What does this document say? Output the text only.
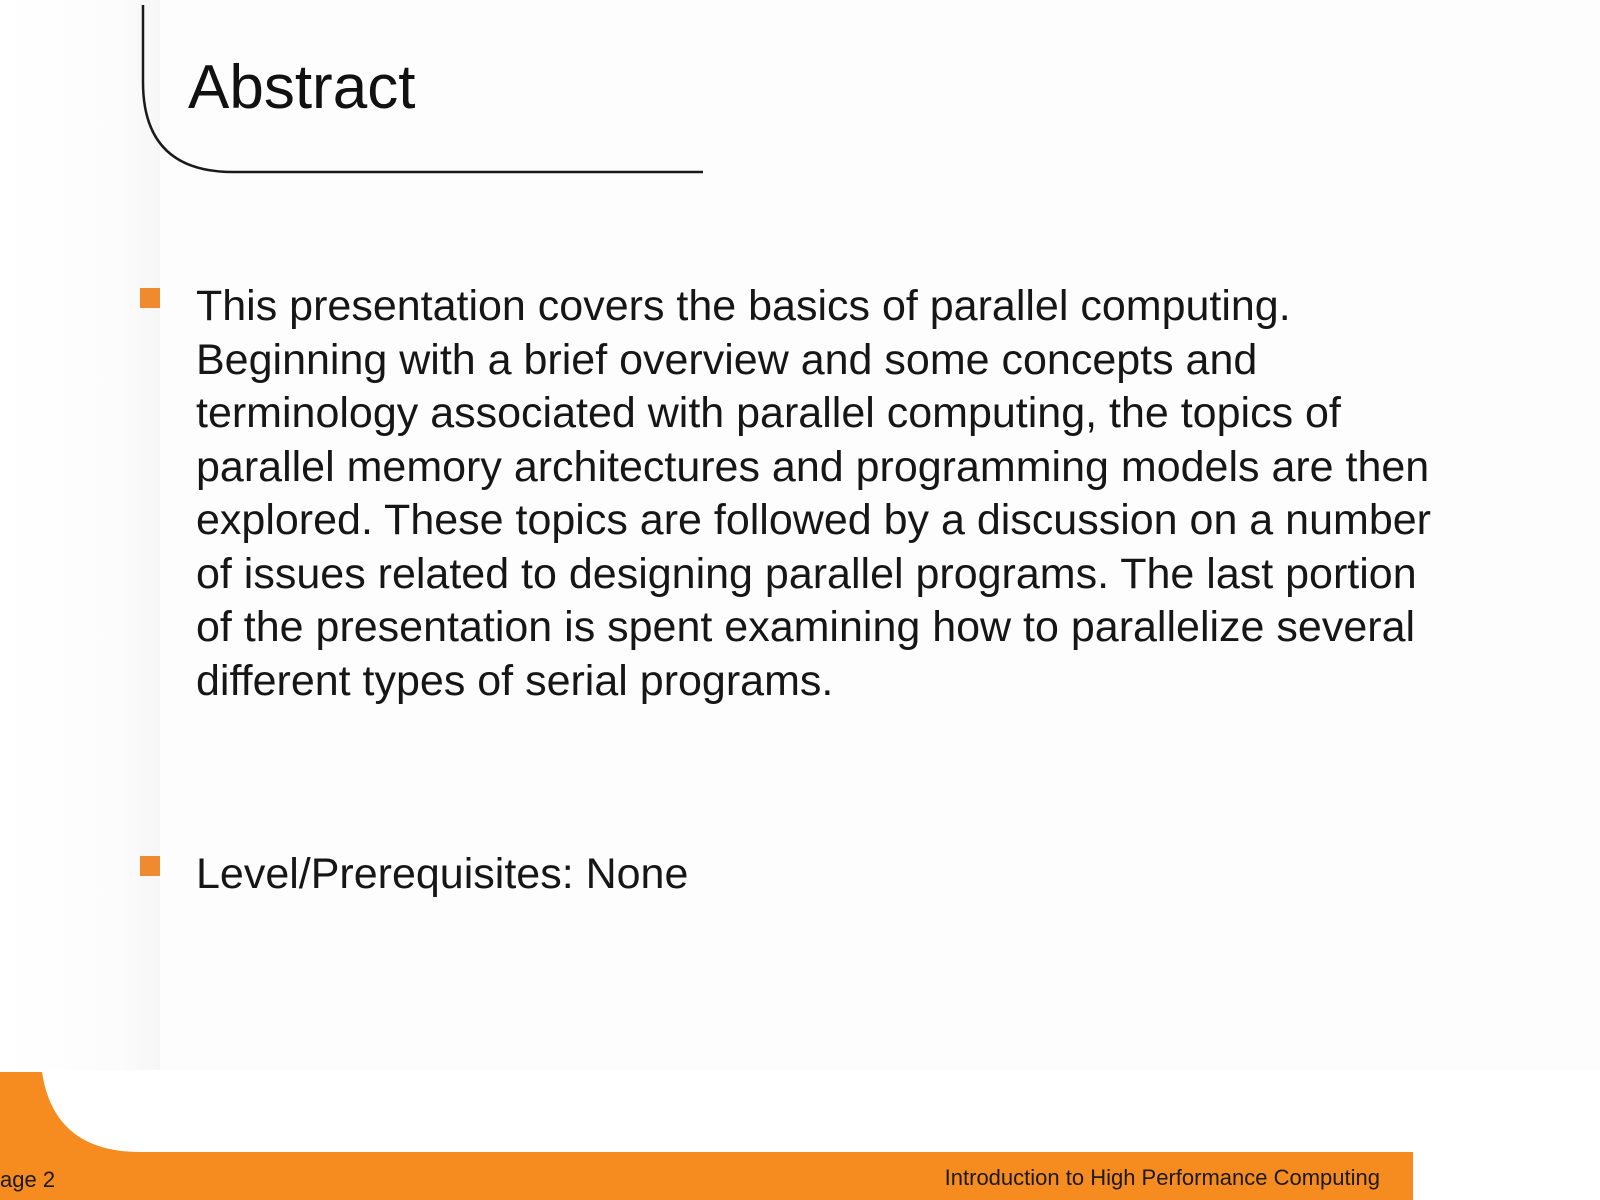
Abstract
This presentation covers the basics of parallel computing. Beginning with a brief overview and some concepts and terminology associated with parallel computing, the topics of parallel memory architectures and programming models are then explored. These topics are followed by a discussion on a number of issues related to designing parallel programs. The last portion of the presentation is spent examining how to parallelize several different types of serial programs.
Level/Prerequisites: None
age 2	Introduction to High Performance Computing
